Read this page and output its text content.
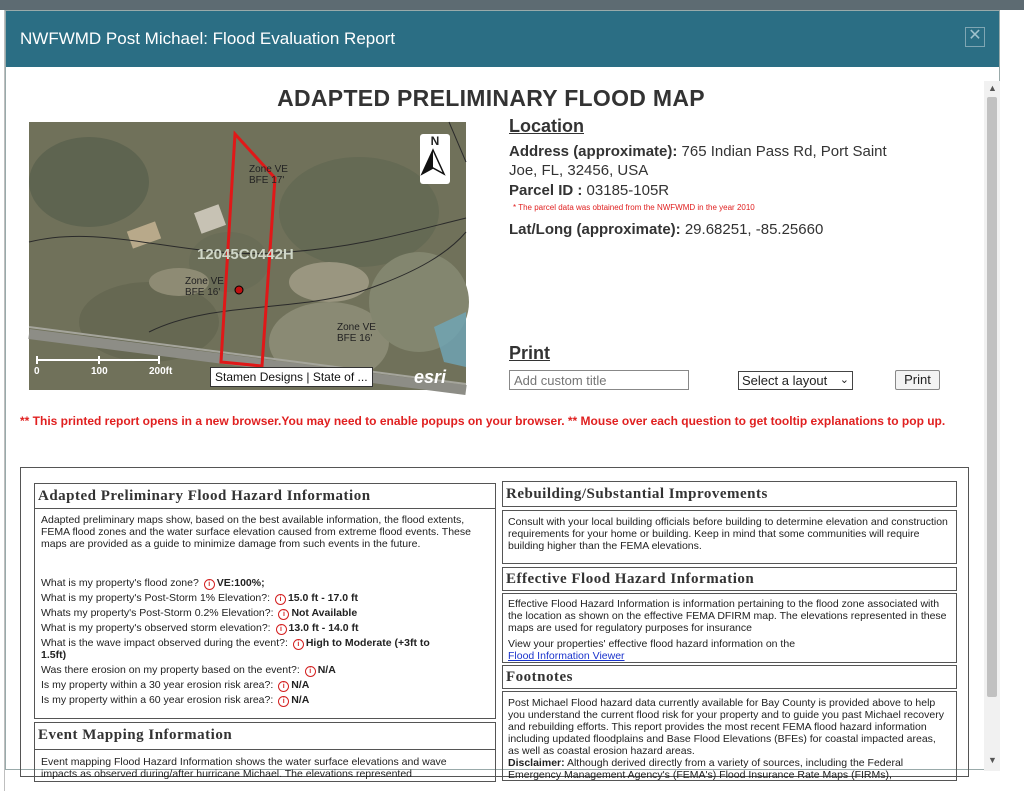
NWFWMD Post Michael: Flood Evaluation Report	✕
▲
▼
ADAPTED PRELIMINARY FLOOD MAP
Zone VE
BFE 17'
Zone VE
BFE 16'
Zone VE
BFE 16'
12045C0442H
0	100	200ft
N
Stamen Designs | State of ...	esri
Location
Address (approximate): 765 Indian Pass Rd, Port Saint
Joe, FL, 32456, USA
Parcel ID : 03185-105R
* The parcel data was obtained from the NWFWMD in the year 2010
Lat/Long (approximate): 29.68251, -85.25660
Print
Add custom title
Select a layout ⌄	Print
** This printed report opens in a new browser.You may need to enable popups on your browser. ** Mouse over each question to get tooltip explanations to pop up.
Adapted Preliminary Flood Hazard Information
Adapted preliminary maps show, based on the best available information, the flood extents, FEMA flood zones and the water surface elevation caused from extreme flood events. These maps are provided as a guide to minimize damage from such events in the future.
What is my property's flood zone? i VE:100%;
What is my property's Post-Storm 1% Elevation?: i 15.0 ft - 17.0 ft
Whats my property's Post-Storm 0.2% Elevation?: i Not Available
What is my property's observed storm elevation?: i 13.0 ft - 14.0 ft
What is the wave impact observed during the event?: i High to Moderate (+3ft to
1.5ft)
Was there erosion on my property based on the event?: i N/A
Is my property within a 30 year erosion risk area?: i N/A
Is my property within a 60 year erosion risk area?: i N/A
Event Mapping Information
Event mapping Flood Hazard Information shows the water surface elevations and wave impacts as observed during/after hurricane Michael. The elevations represented
Rebuilding/Substantial Improvements
Consult with your local building officials before building to determine elevation and construction requirements for your home or building. Keep in mind that some communities will require building higher than the FEMA elevations.
Effective Flood Hazard Information
Effective Flood Hazard Information is information pertaining to the flood zone associated with the location as shown on the effective FEMA DFIRM map. The elevations represented in these maps are used for regulatory purposes for insurance
View your properties' effective flood hazard information on the
Flood Information Viewer
Footnotes
Post Michael Flood hazard data currently available for Bay County is provided above to help you understand the current flood risk for your property and to guide you past Michael recovery and rebuilding efforts. This report provides the most recent FEMA flood hazard information including updated floodplains and Base Flood Elevations (BFEs) for coastal impacted areas, as well as coastal erosion hazard areas.
Disclaimer: Although derived directly from a variety of sources, including the Federal Emergency Management Agency's (FEMA's) Flood Insurance Rate Maps (FIRMs),
